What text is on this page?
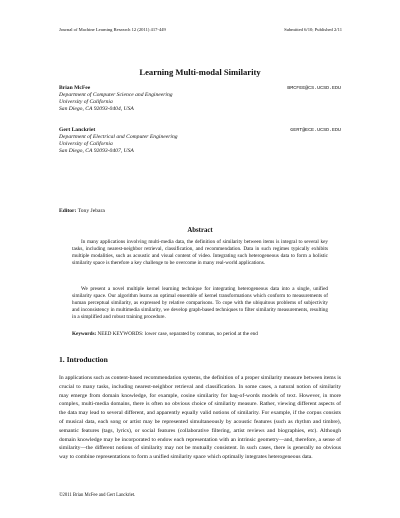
Journal of Machine Learning Research 12 (2011) 417-449	Submitted 6/10; Published 2/11
Learning Multi-modal Similarity
Brian McFee	BMCFEE@CS.UCSD.EDU
Department of Computer Science and Engineering
University of California
San Diego, CA 92093-0404, USA
Gert Lanckriet	GERT@ECE.UCSD.EDU
Department of Electrical and Computer Engineering
University of California
San Diego, CA 92093-0407, USA
Editor: Tony Jebara
Abstract

In many applications involving multi-media data, the definition of similarity between items is integral to several key tasks, including nearest-neighbor retrieval, classification, and recommendation. Data in such regimes typically exhibits multiple modalities, such as acoustic and visual content of video. Integrating such heterogeneous data to form a holistic similarity space is therefore a key challenge to be overcome in many real-world applications.

We present a novel multiple kernel learning technique for integrating heterogeneous data into a single, unified similarity space. Our algorithm learns an optimal ensemble of kernel transformations which conform to measurements of human perceptual similarity, as expressed by relative comparisons. To cope with the ubiquitous problems of subjectivity and inconsistency in multimedia similarity, we develop graph-based techniques to filter similarity measurements, resulting in a simplified and robust training procedure.

Keywords: NEED KEYWORDS: lower case, separated by commas, no period at the end
1. Introduction

In applications such as content-based recommendation systems, the definition of a proper similarity measure between items is crucial to many tasks, including nearest-neighbor retrieval and classification. In some cases, a natural notion of similarity may emerge from domain knowledge, for example, cosine similarity for bag-of-words models of text. However, in more complex, multi-media domains, there is often no obvious choice of similarity measure. Rather, viewing different aspects of the data may lead to several different, and apparently equally valid notions of similarity. For example, if the corpus consists of musical data, each song or artist may be represented simultaneously by acoustic features (such as rhythm and timbre), semantic features (tags, lyrics), or social features (collaborative filtering, artist reviews and biographies, etc). Although domain knowledge may be incorporated to endow each representation with an intrinsic geometry—and, therefore, a sense of similarity—the different notions of similarity may not be mutually consistent. In such cases, there is generally no obvious way to combine representations to form a unified similarity space which optimally integrates heterogeneous data.

©2011 Brian McFee and Gert Lanckriet.
